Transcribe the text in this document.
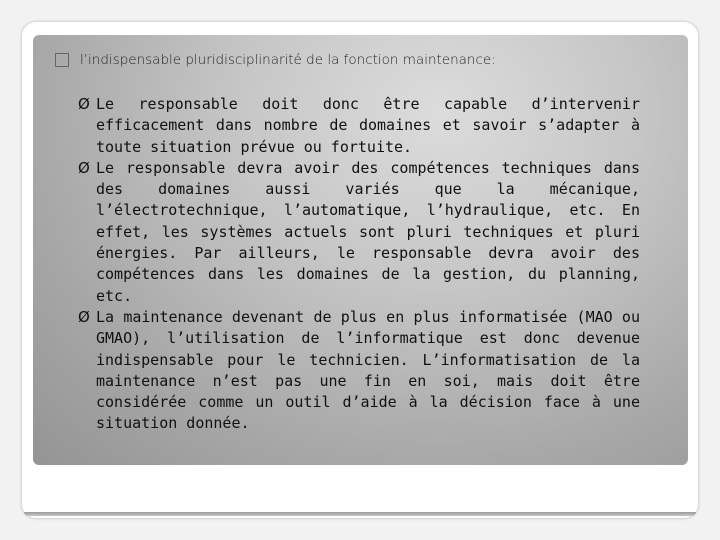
l’indispensable pluridisciplinarité de la fonction maintenance:
Ø Le responsable doit donc être capable d’intervenir efficacement dans nombre de domaines et savoir s’adapter à toute situation prévue ou fortuite.
Ø Le responsable devra avoir des compétences techniques dans des domaines aussi variés que la mécanique, l’électrotechnique, l’automatique, l’hydraulique, etc. En effet, les systèmes actuels sont pluri techniques et pluri énergies. Par ailleurs, le responsable devra avoir des compétences dans les domaines de la gestion, du planning, etc.
Ø La maintenance devenant de plus en plus informatisée (MAO ou GMAO), l’utilisation de l’informatique est donc devenue indispensable pour le technicien. L’informatisation de la maintenance n’est pas une fin en soi, mais doit être considérée comme un outil d’aide à la décision face à une situation donnée.
